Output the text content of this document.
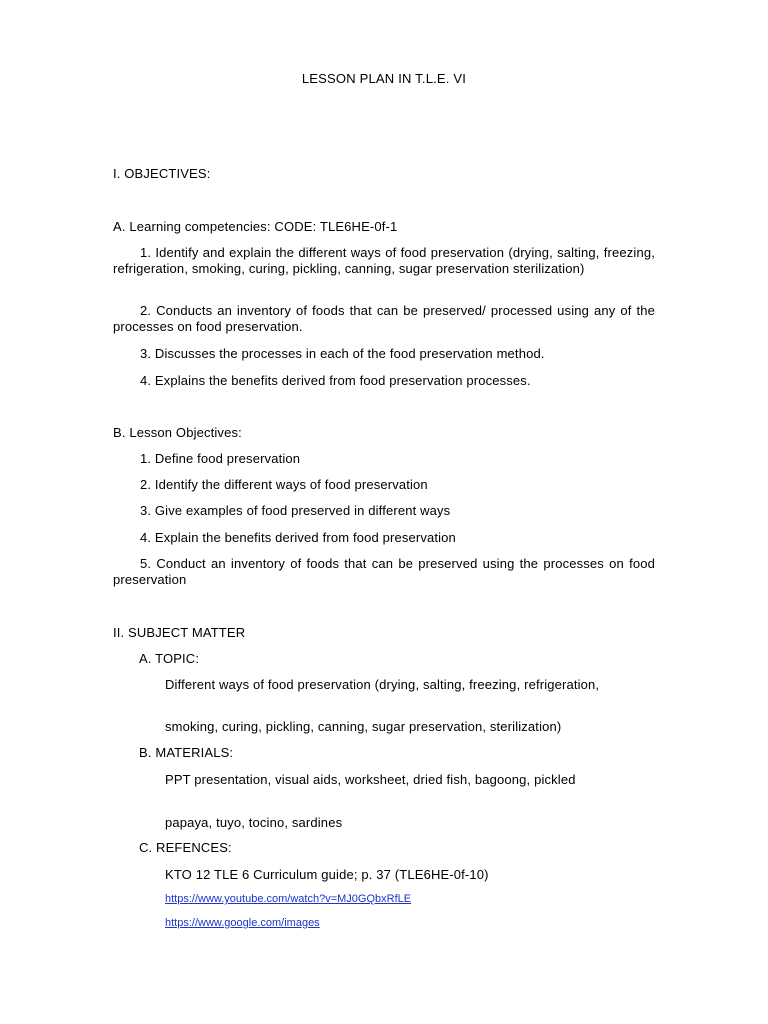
LESSON PLAN IN T.L.E. VI
I. OBJECTIVES:
A. Learning competencies: CODE: TLE6HE-0f-1
1. Identify and explain the different ways of food preservation (drying, salting, freezing, refrigeration, smoking, curing, pickling, canning, sugar preservation sterilization)
2. Conducts an inventory of foods that can be preserved/ processed using any of the processes on food preservation.
3. Discusses the processes in each of the food preservation method.
4. Explains the benefits derived from food preservation processes.
B. Lesson Objectives:
1. Define food preservation
2. Identify the different ways of food preservation
3. Give examples of food preserved in different ways
4. Explain the benefits derived from food preservation
5. Conduct an inventory of foods that can be preserved using the processes on food preservation
II. SUBJECT MATTER
A. TOPIC:
Different ways of food preservation (drying, salting, freezing, refrigeration,
smoking, curing, pickling, canning, sugar preservation, sterilization)
B. MATERIALS:
PPT presentation, visual aids, worksheet, dried fish, bagoong, pickled
papaya, tuyo, tocino, sardines
C. REFENCES:
KTO 12 TLE 6 Curriculum guide; p. 37 (TLE6HE-0f-10)
https://www.youtube.com/watch?v=MJ0GQbxRfLE
https://www.google.com/images
